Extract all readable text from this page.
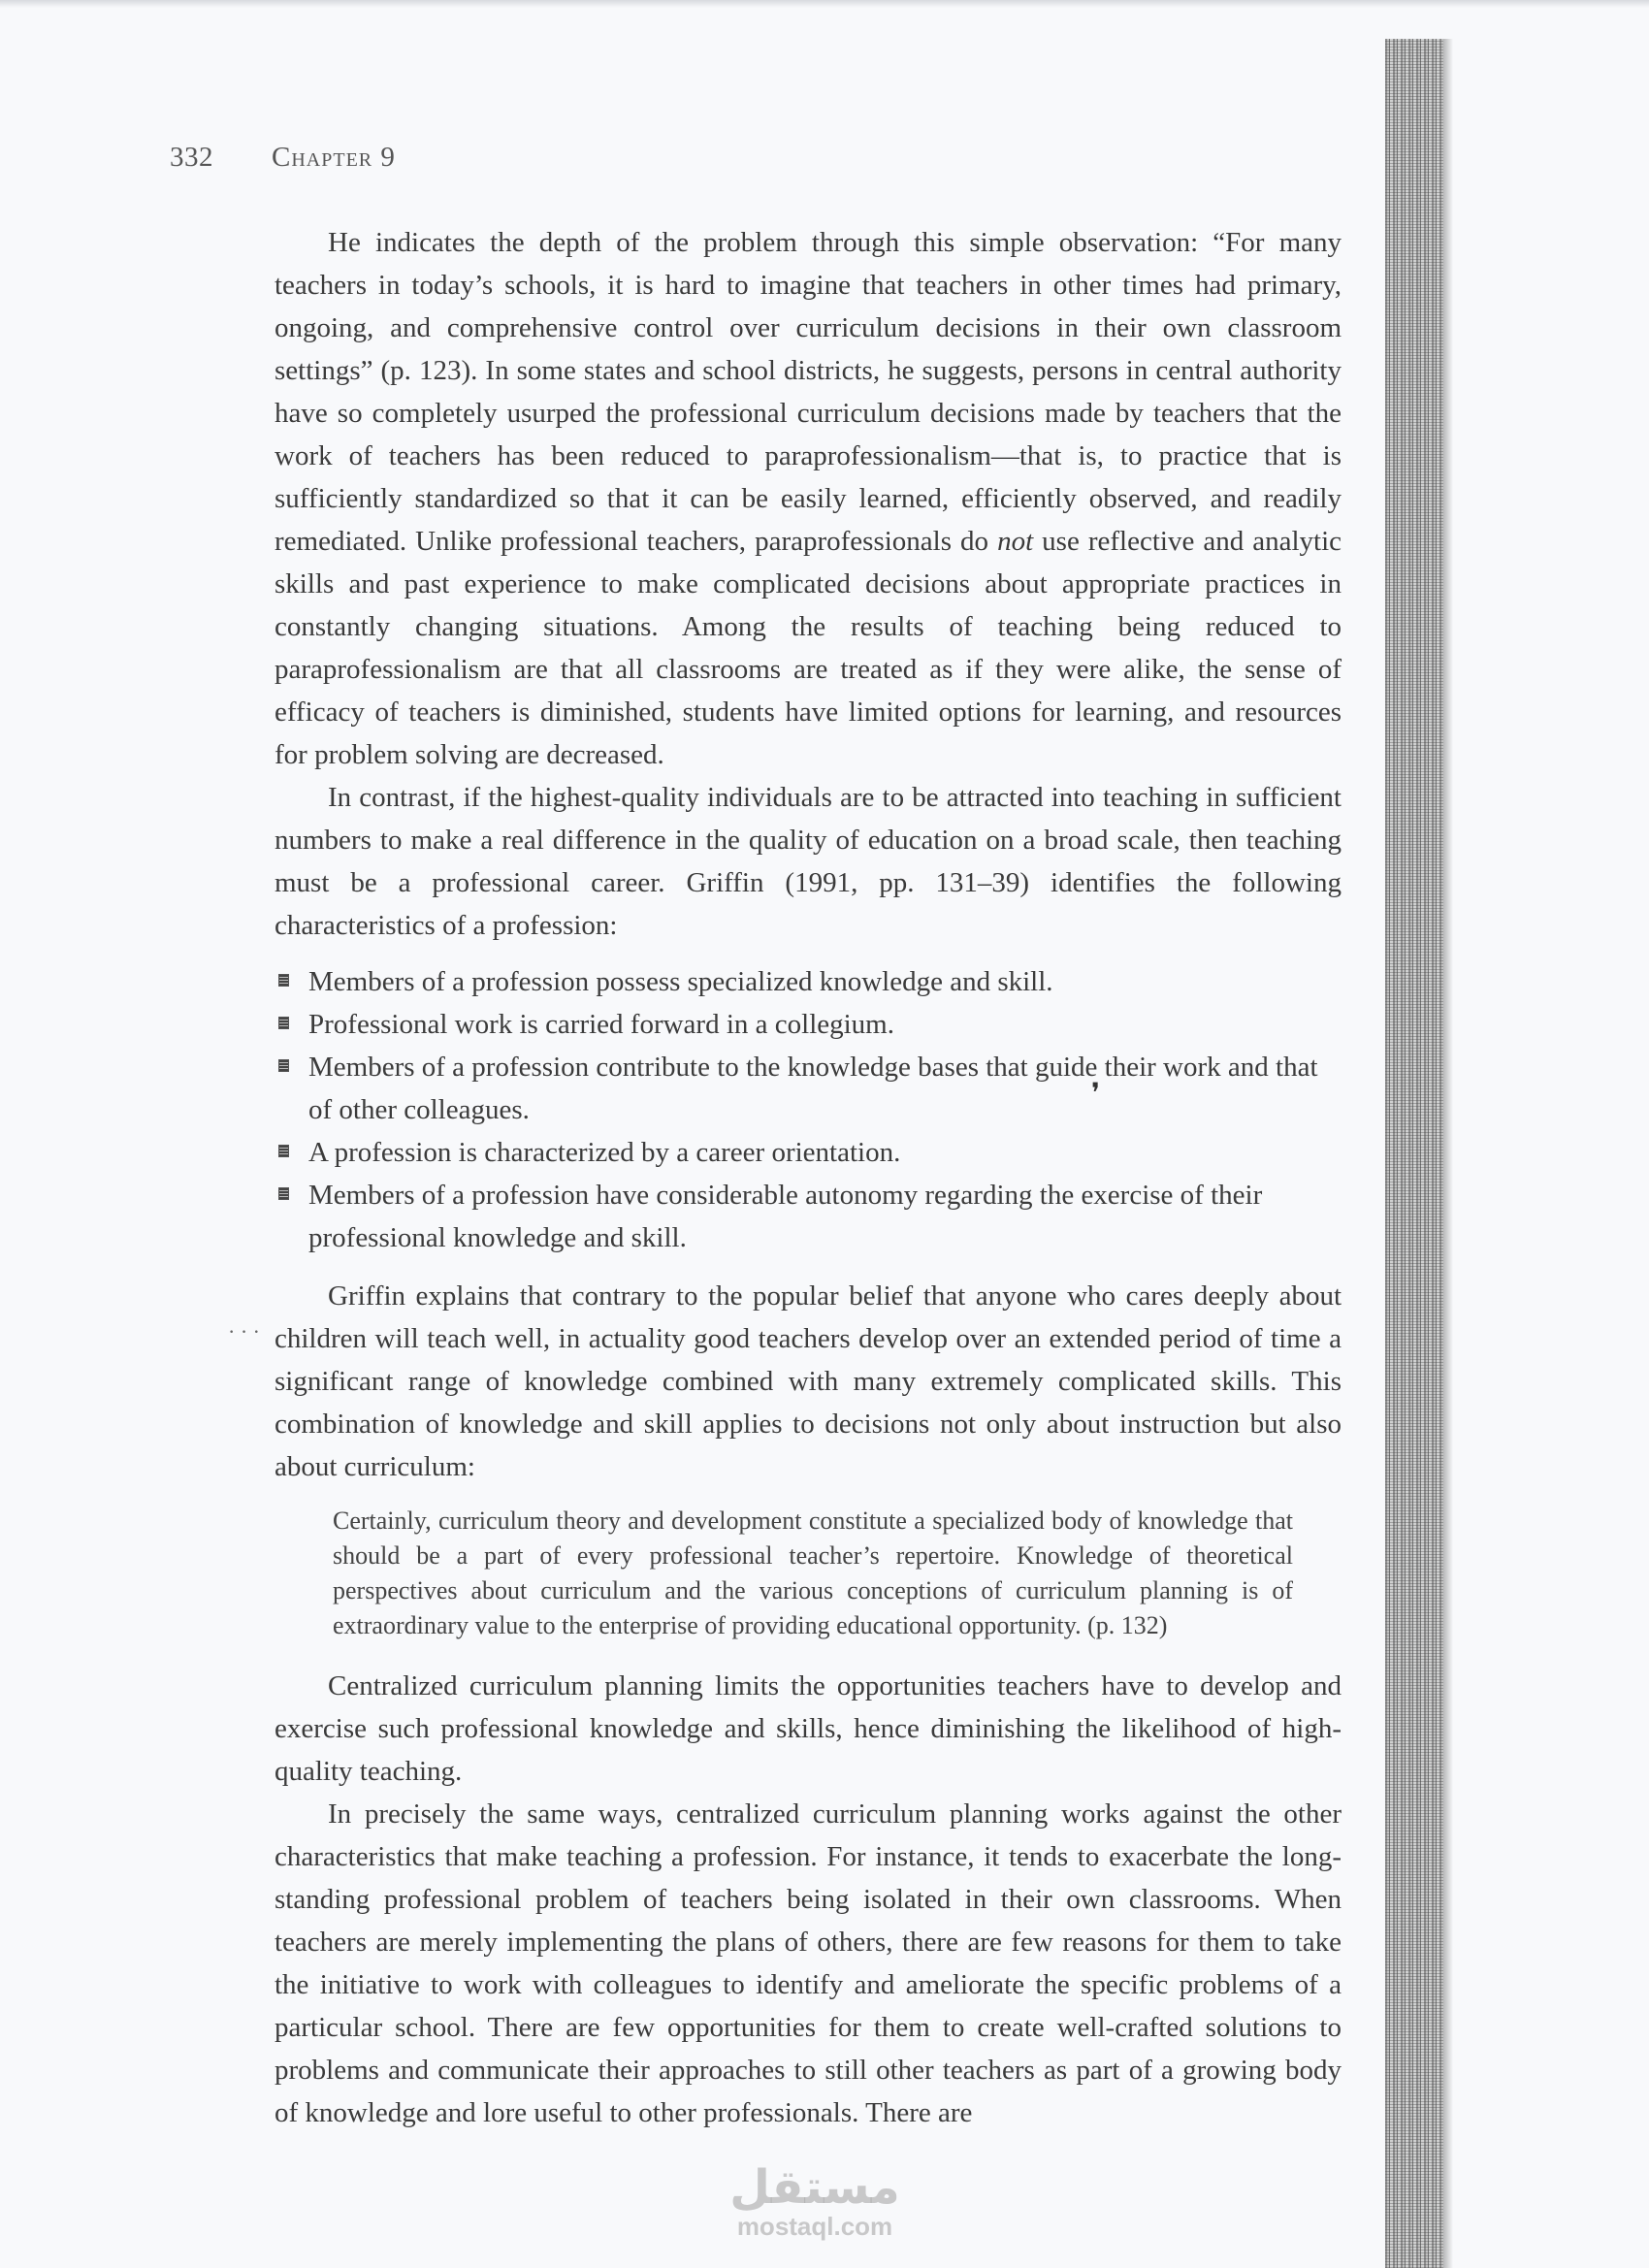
332 Chapter 9

He indicates the depth of the problem through this simple observation: “For many teachers in today’s schools, it is hard to imagine that teachers in other times had primary, ongoing, and comprehensive control over curriculum decisions in their own classroom settings” (p. 123). In some states and school districts, he suggests, persons in central authority have so completely usurped the professional curriculum decisions made by teachers that the work of teachers has been reduced to paraprofessionalism—that is, to practice that is sufficiently standardized so that it can be easily learned, efficiently observed, and readily remediated. Unlike professional teachers, paraprofessionals do not use reflective and analytic skills and past experience to make complicated decisions about appropriate practices in constantly changing situations. Among the results of teaching being reduced to paraprofessionalism are that all classrooms are treated as if they were alike, the sense of efficacy of teachers is diminished, students have limited options for learning, and resources for problem solving are decreased.

In contrast, if the highest-quality individuals are to be attracted into teaching in sufficient numbers to make a real difference in the quality of education on a broad scale, then teaching must be a professional career. Griffin (1991, pp. 131–39) identifies the following characteristics of a profession:

Members of a profession possess specialized knowledge and skill.
Professional work is carried forward in a collegium.
Members of a profession contribute to the knowledge bases that guide their work and that of other colleagues.
A profession is characterized by a career orientation.
Members of a profession have considerable autonomy regarding the exercise of their professional knowledge and skill.

Griffin explains that contrary to the popular belief that anyone who cares deeply about children will teach well, in actuality good teachers develop over an extended period of time a significant range of knowledge combined with many extremely complicated skills. This combination of knowledge and skill applies to decisions not only about instruction but also about curriculum:

Certainly, curriculum theory and development constitute a specialized body of knowledge that should be a part of every professional teacher’s repertoire. Knowledge of theoretical perspectives about curriculum and the various conceptions of curriculum planning is of extraordinary value to the enterprise of providing educational opportunity. (p. 132)

Centralized curriculum planning limits the opportunities teachers have to develop and exercise such professional knowledge and skills, hence diminishing the likelihood of high-quality teaching.

In precisely the same ways, centralized curriculum planning works against the other characteristics that make teaching a profession. For instance, it tends to exacerbate the long-standing professional problem of teachers being isolated in their own classrooms. When teachers are merely implementing the plans of others, there are few reasons for them to take the initiative to work with colleagues to identify and ameliorate the specific problems of a particular school. There are few opportunities for them to create well-crafted solutions to problems and communicate their approaches to still other teachers as part of a growing body of knowledge and lore useful to other professionals. There are

❜
· · ·
مستقل
mostaql.com
